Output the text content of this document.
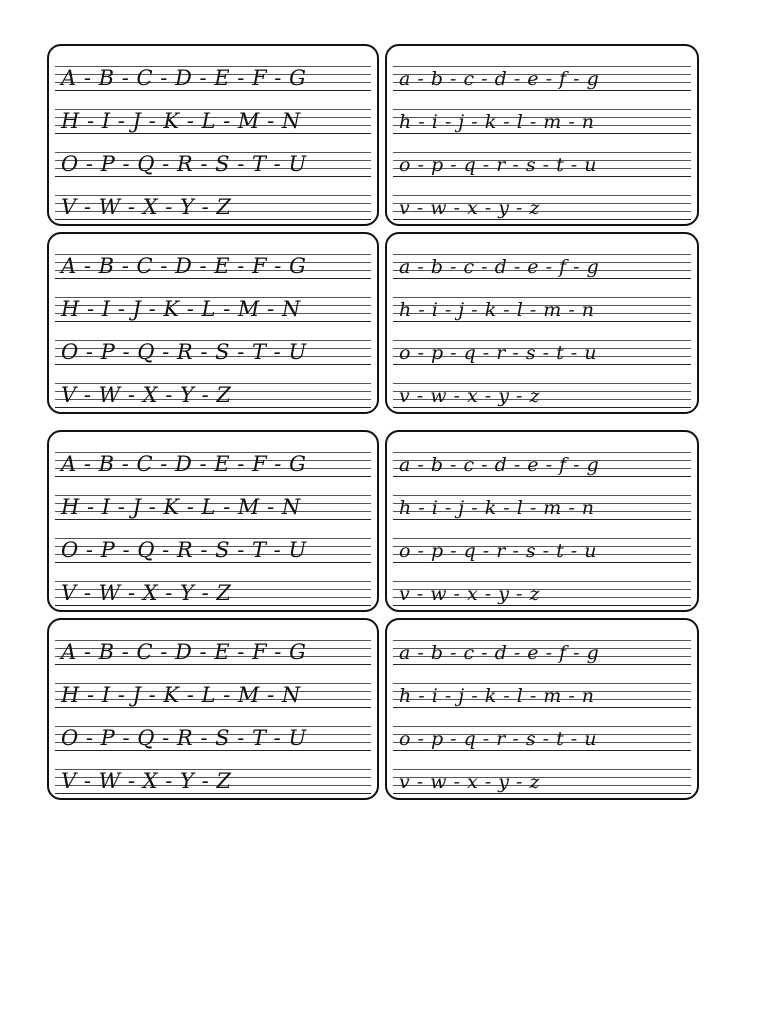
A - B - C - D - E - F - G
H - I - J - K - L - M - N
O - P - Q - R - S - T - U
V - W - X - Y - Z
a - b - c - d - e - f - g
h - i - j - k - l - m - n
o - p - q - r - s - t - u
v - w - x - y - z
A - B - C - D - E - F - G
H - I - J - K - L - M - N
O - P - Q - R - S - T - U
V - W - X - Y - Z
a - b - c - d - e - f - g
h - i - j - k - l - m - n
o - p - q - r - s - t - u
v - w - x - y - z
A - B - C - D - E - F - G
H - I - J - K - L - M - N
O - P - Q - R - S - T - U
V - W - X - Y - Z
a - b - c - d - e - f - g
h - i - j - k - l - m - n
o - p - q - r - s - t - u
v - w - x - y - z
A - B - C - D - E - F - G
H - I - J - K - L - M - N
O - P - Q - R - S - T - U
V - W - X - Y - Z
a - b - c - d - e - f - g
h - i - j - k - l - m - n
o - p - q - r - s - t - u
v - w - x - y - z
